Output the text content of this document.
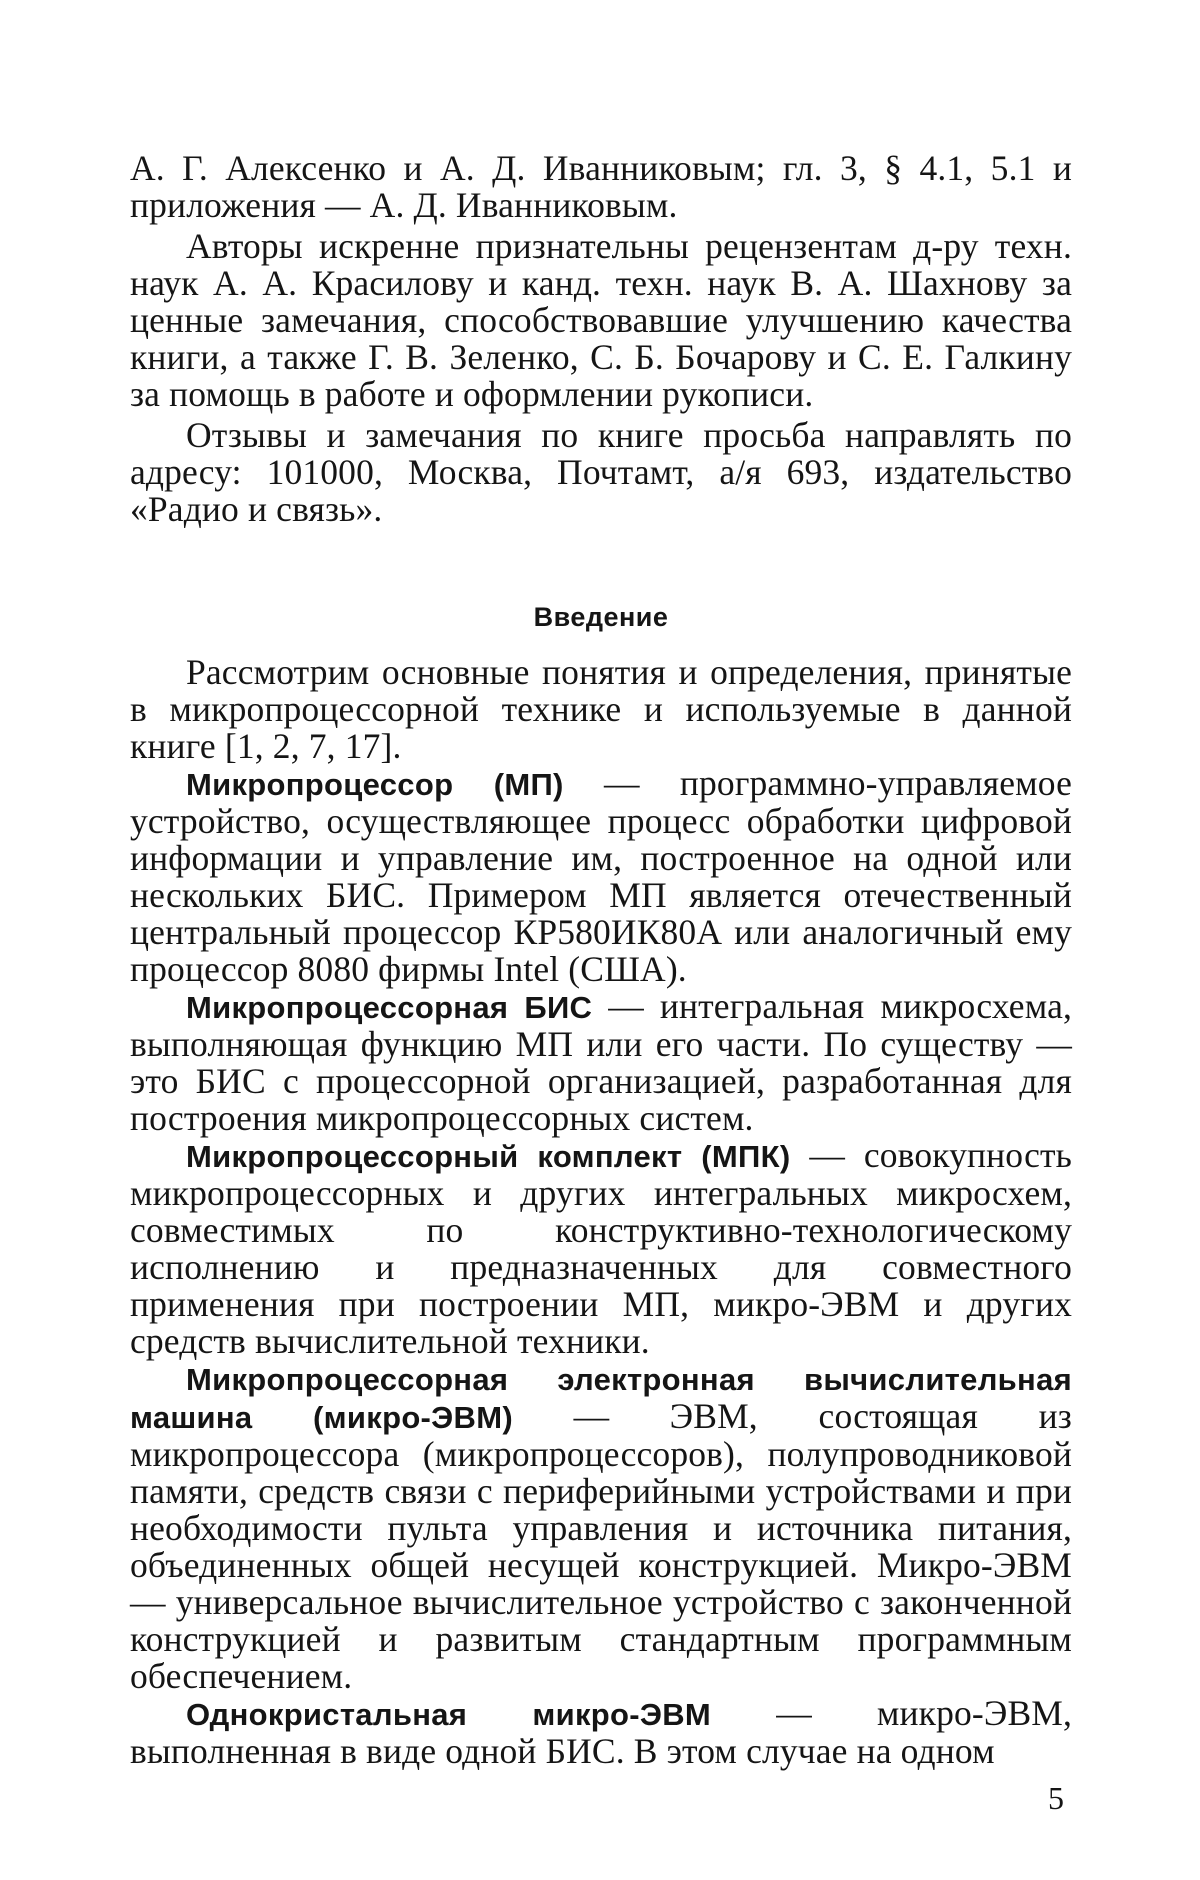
А. Г. Алексенко и А. Д. Иванниковым; гл. 3, § 4.1, 5.1 и приложения — А. Д. Иванниковым.

Авторы искренне признательны рецензентам д-ру техн. наук А. А. Красилову и канд. техн. наук В. А. Шахнову за ценные замечания, способствовавшие улучшению качества книги, а также Г. В. Зеленко, С. Б. Бочарову и С. Е. Галкину за помощь в работе и оформлении рукописи.

Отзывы и замечания по книге просьба направлять по адресу: 101000, Москва, Почтамт, а/я 693, издательство «Радио и связь».

Введение

Рассмотрим основные понятия и определения, принятые в микропроцессорной технике и используемые в данной книге [1, 2, 7, 17].

Микропроцессор (МП) — программно-управляемое устройство, осуществляющее процесс обработки цифровой информации и управление им, построенное на одной или нескольких БИС. Примером МП является отечественный центральный процессор КР580ИК80А или аналогичный ему процессор 8080 фирмы Intel (США).

Микропроцессорная БИС — интегральная микросхема, выполняющая функцию МП или его части. По существу — это БИС с процессорной организацией, разработанная для построения микропроцессорных систем.

Микропроцессорный комплект (МПК) — совокупность микропроцессорных и других интегральных микросхем, совместимых по конструктивно-технологическому исполнению и предназначенных для совместного применения при построении МП, микро-ЭВМ и других средств вычислительной техники.

Микропроцессорная электронная вычислительная машина (микро-ЭВМ) — ЭВМ, состоящая из микропроцессора (микропроцессоров), полупроводниковой памяти, средств связи с периферийными устройствами и при необходимости пульта управления и источника питания, объединенных общей несущей конструкцией. Микро-ЭВМ — универсальное вычислительное устройство с законченной конструкцией и развитым стандартным программным обеспечением.

Однокристальная микро-ЭВМ — микро-ЭВМ, выполненная в виде одной БИС. В этом случае на одном

5
